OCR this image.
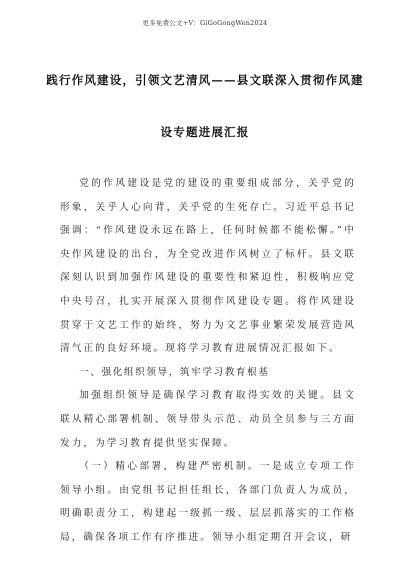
更多免费公文+V：GiGoGongWen2024
践行作风建设，引领文艺清风——县文联深入贯彻作风建
设专题进展汇报

党的作风建设是党的建设的重要组成部分，关乎党的形象，关乎人心向背，关乎党的生死存亡。习近平总书记强调：“作风建设永远在路上，任何时候都不能松懈。”中央作风建设的出台，为全党改进作风树立了标杆。县文联深刻认识到加强作风建设的重要性和紧迫性，积极响应党中央号召，扎实开展深入贯彻作风建设专题。将作风建设贯穿于文艺工作的始终，努力为文艺事业繁荣发展营造风清气正的良好环境。现将学习教育进展情况汇报如下。

一、强化组织领导，筑牢学习教育根基

加强组织领导是确保学习教育取得实效的关键。县文联从精心部署机制、领导带头示范、动员全员参与三方面发力，为学习教育提供坚实保障。

（一）精心部署，构建严密机制。一是成立专项工作领导小组。由党组书记担任组长，各部门负责人为成员，明确职责分工，构建起一级抓一级、层层抓落实的工作格局，确保各项工作有序推进。领导小组定期召开会议，研
